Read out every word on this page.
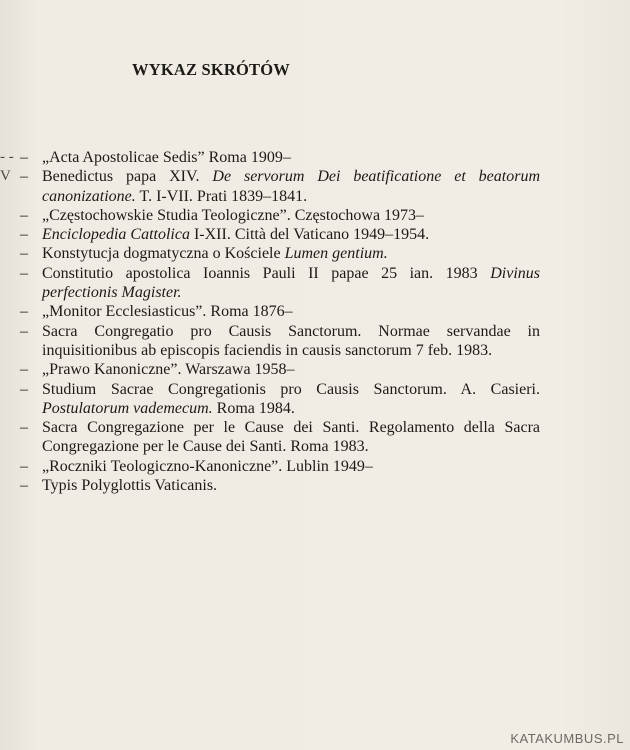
WYKAZ SKRÓTÓW
- -
V
– „Acta Apostolicae Sedis” Roma 1909–
– Benedictus papa XIV. De servorum Dei beatificatione et beatorum canonizatione. T. I-VII. Prati 1839–1841.
– „Częstochowskie Studia Teologiczne”. Częstochowa 1973–
– Enciclopedia Cattolica I-XII. Città del Vaticano 1949–1954.
– Konstytucja dogmatyczna o Kościele Lumen gentium.
– Constitutio apostolica Ioannis Pauli II papae 25 ian. 1983 Divinus perfectionis Magister.
– „Monitor Ecclesiasticus”. Roma 1876–
– Sacra Congregatio pro Causis Sanctorum. Normae servandae in inquisitionibus ab episcopis faciendis in causis sanctorum 7 feb. 1983.
– „Prawo Kanoniczne”. Warszawa 1958–
– Studium Sacrae Congregationis pro Causis Sanctorum. A. Casieri. Postulatorum vademecum. Roma 1984.
– Sacra Congregazione per le Cause dei Santi. Regolamento della Sacra Congregazione per le Cause dei Santi. Roma 1983.
– „Roczniki Teologiczno-Kanoniczne”. Lublin 1949–
– Typis Polyglottis Vaticanis.
KATAKUMBUS.PL
